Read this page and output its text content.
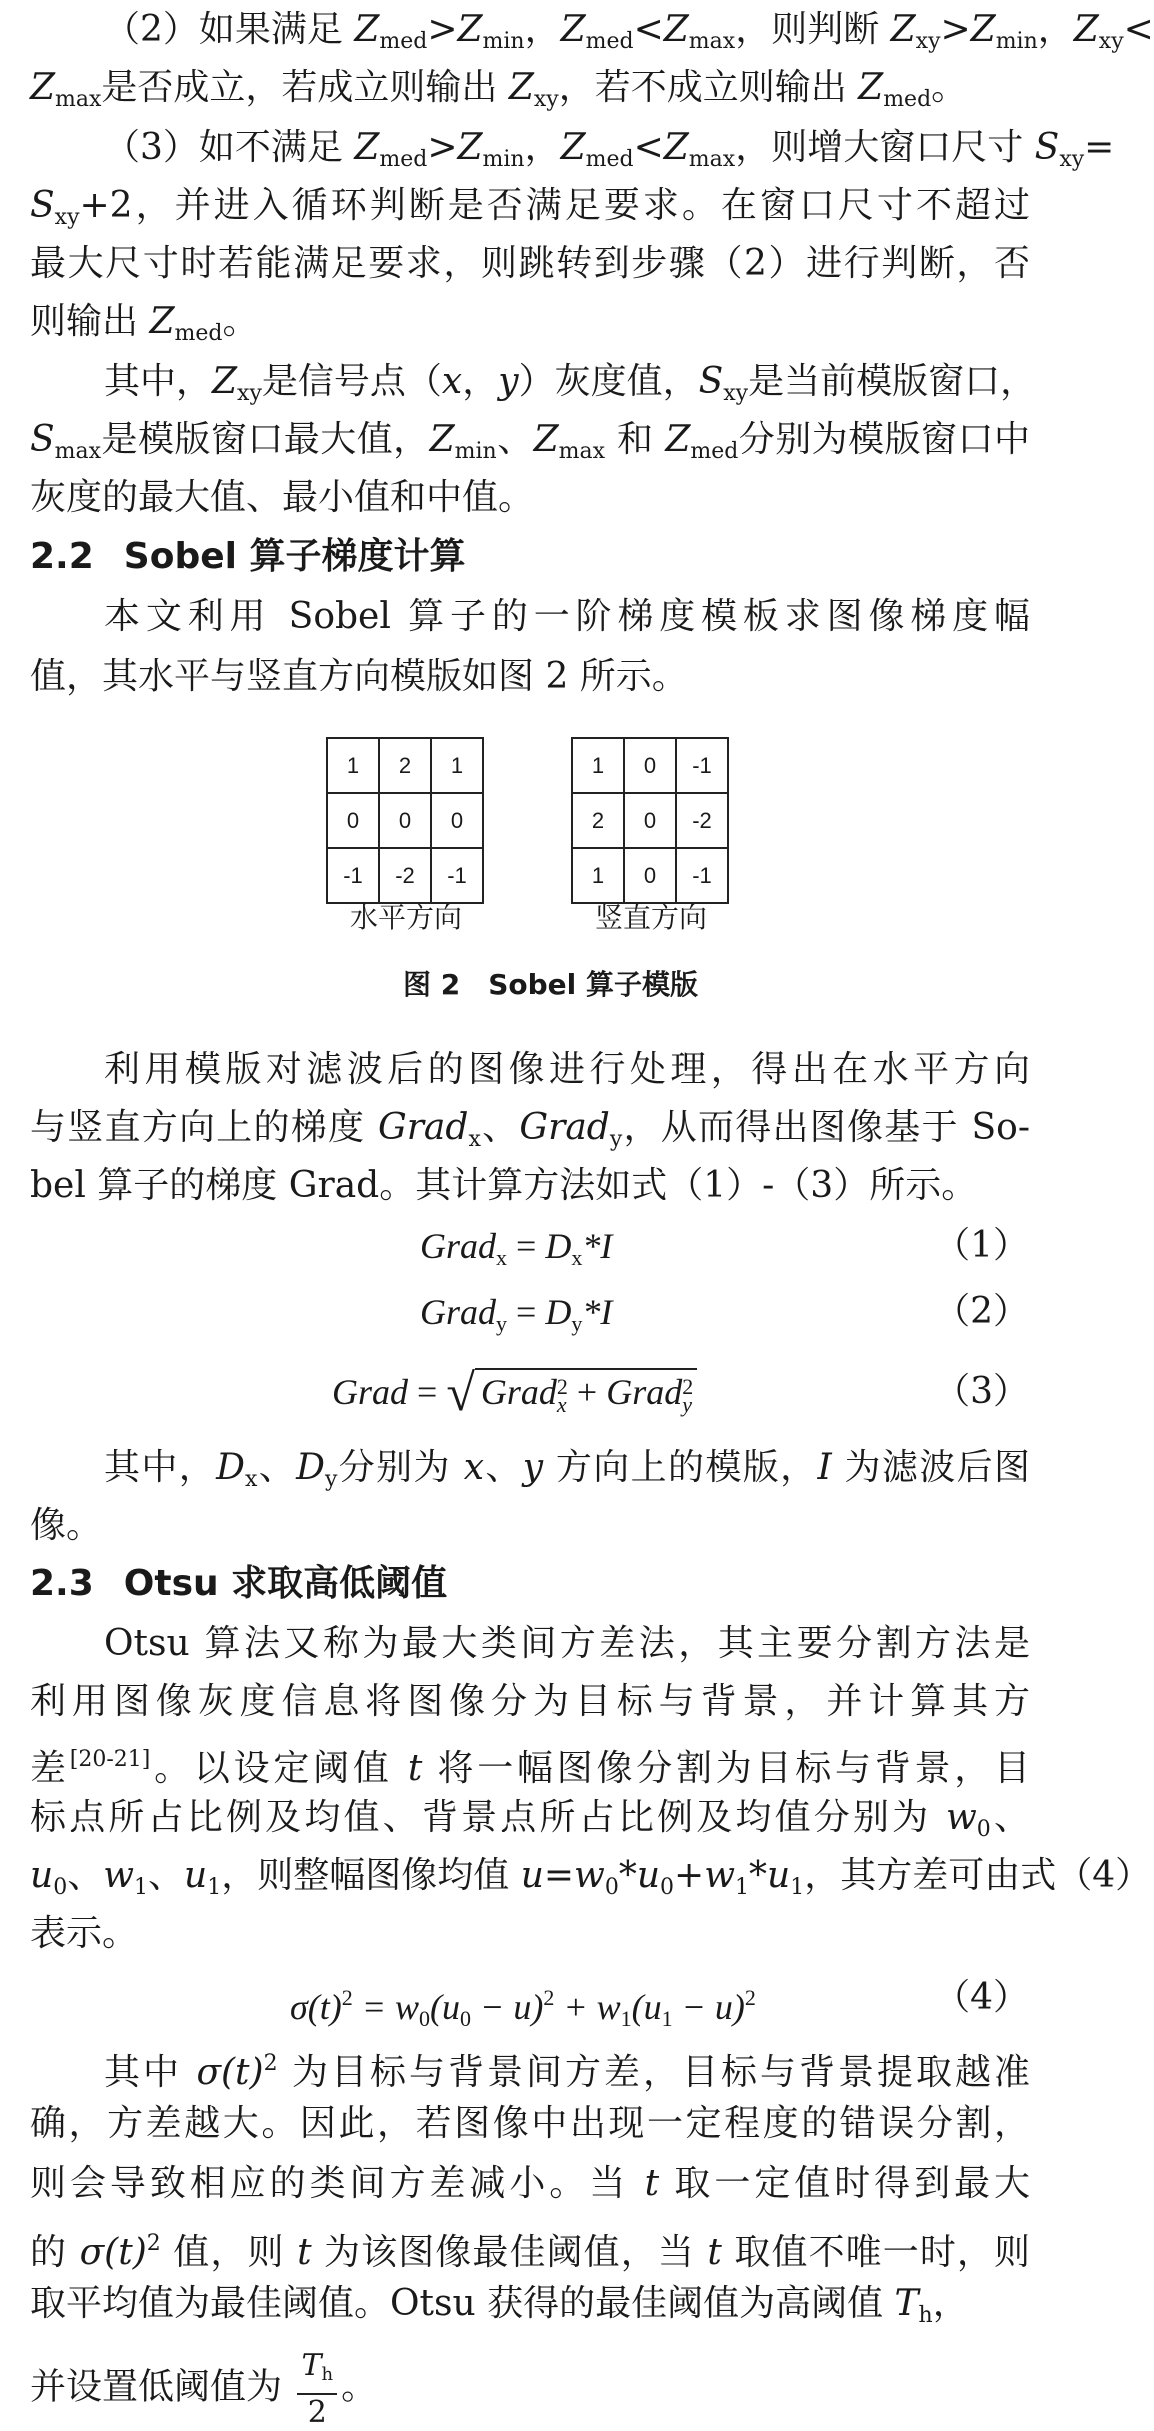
（2）如果满足 $Z_{med}>Z_{min}$，$Z_{med}<Z_{max}$，则判断 $Z_{xy}>Z_{min}$，$Z_{xy}<$
$Z_{max}$是否成立，若成立则输出 $Z_{xy}$，若不成立则输出 $Z_{med}$。
（3）如不满足 $Z_{med}>Z_{min}$，$Z_{med}<Z_{max}$，则增大窗口尺寸 $S_{xy}=$
$S_{xy}+2$，并进入循环判断是否满足要求。在窗口尺寸不超过
最大尺寸时若能满足要求，则跳转到步骤（2）进行判断，否
则输出 $Z_{med}$。
其中，$Z_{xy}$是信号点（x，y）灰度值，$S_{xy}$是当前模版窗口，
$S_{max}$是模版窗口最大值，$Z_{min}$、$Z_{max}$ 和 $Z_{med}$分别为模版窗口中
灰度的最大值、最小值和中值。
2.2 Sobel 算子梯度计算
本文利用 Sobel 算子的一阶梯度模板求图像梯度幅
值，其水平与竖直方向模版如图 2 所示。
1	2	1
0	0	0
-1	-2	-1
1	0	-1
2	0	-2
1	0	-1
水平方向	竖直方向
图 2 Sobel 算子模版
利用模版对滤波后的图像进行处理，得出在水平方向
与竖直方向上的梯度 Grad$_x$、Grad$_y$，从而得出图像基于 So-
bel 算子的梯度 Grad。其计算方法如式（1）-（3）所示。
Grad$_x$ = $D_x*I$	（1）
Grad$_y$ = $D_y*I$	（2）
Grad = √ Grad 2
x + Grad 2
y	（3）
其中，$D_x$、$D_y$分别为 x、y 方向上的模版，I 为滤波后图
像。
2.3 Otsu 求取高低阈值
Otsu 算法又称为最大类间方差法，其主要分割方法是
利用图像灰度信息将图像分为目标与背景，并计算其方
差[20-21]。以设定阈值 t 将一幅图像分割为目标与背景，目
标点所占比例及均值、背景点所占比例及均值分别为 $w_0$、
$u_0$、$w_1$、$u_1$，则整幅图像均值 $u=w_0*u_0+w_1*u_1$，其方差可由式（4）
表示。
$\sigma(t)^2 = w_0(u_0 - u)^2 + w_1(u_1 - u)^2$	（4）
其中 $\sigma(t)^2$ 为目标与背景间方差，目标与背景提取越准
确，方差越大。因此，若图像中出现一定程度的错误分割，
则会导致相应的类间方差减小。当 t 取一定值时得到最大
的 $\sigma(t)^2$ 值，则 t 为该图像最佳阈值，当 t 取值不唯一时，则
取平均值为最佳阈值。Otsu 获得的最佳阈值为高阈值 $T_h$，
并设置低阈值为 $\frac{T_h}{2}$ 。
